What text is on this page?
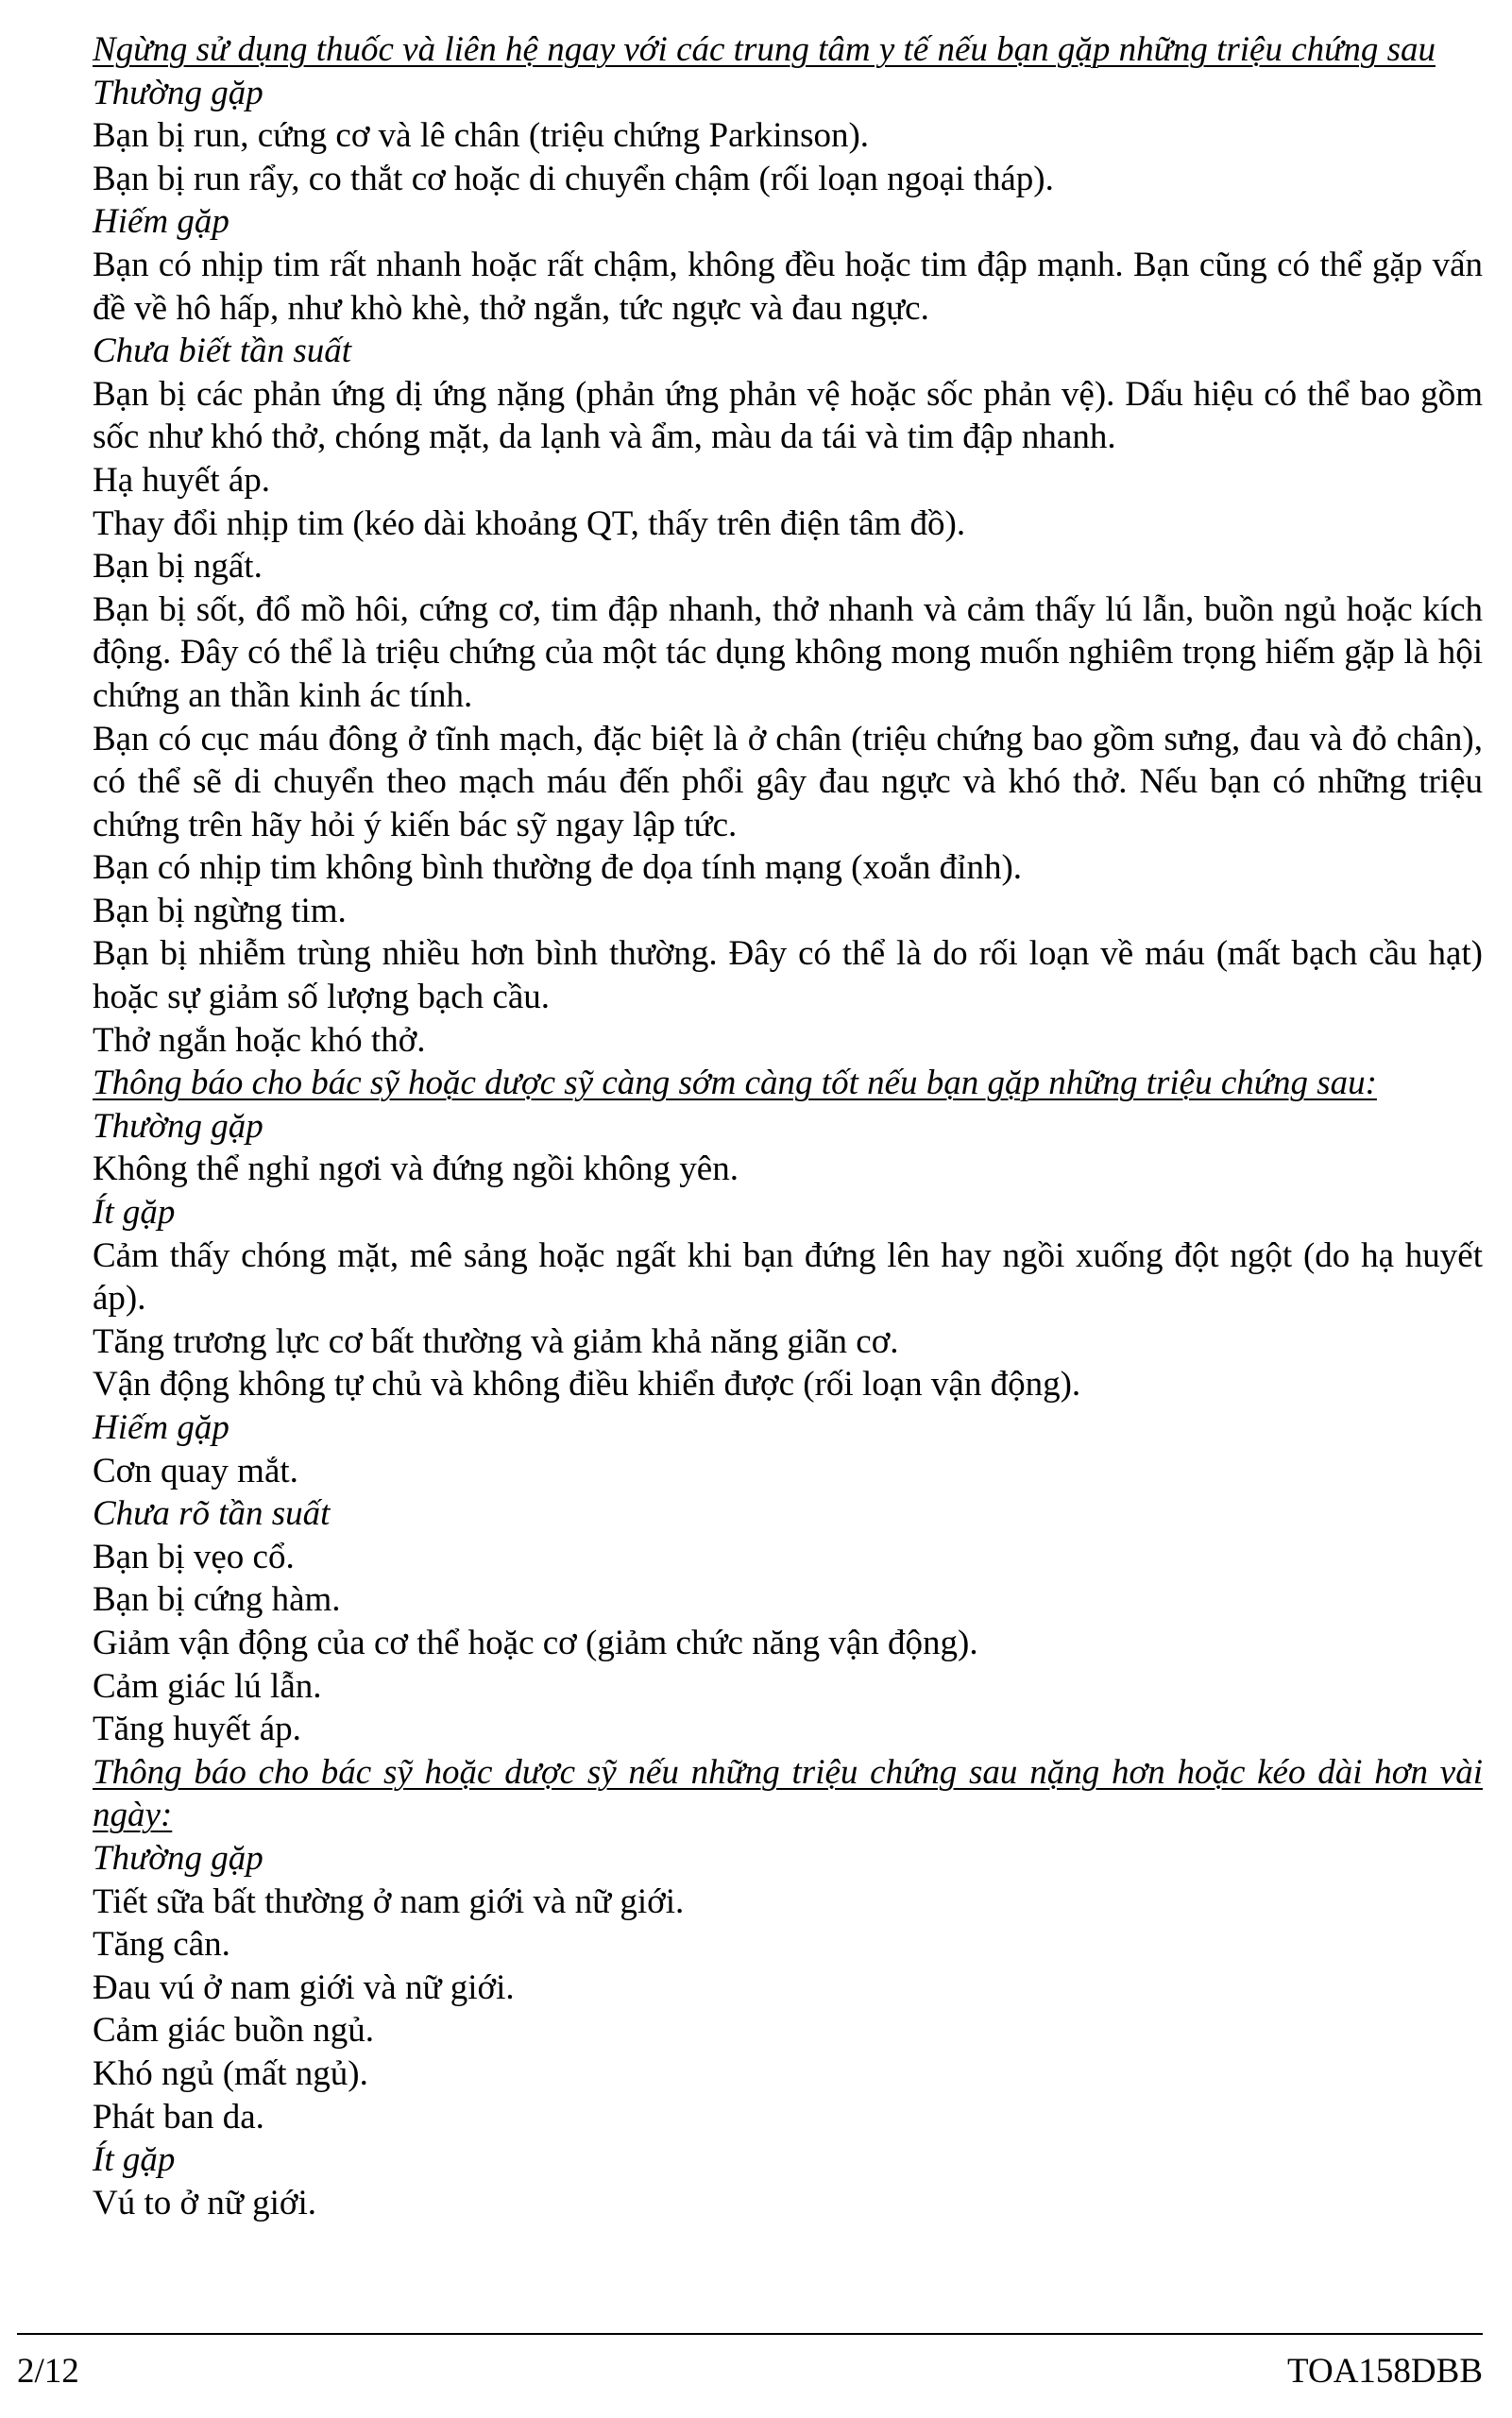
Ngừng sử dụng thuốc và liên hệ ngay với các trung tâm y tế nếu bạn gặp những triệu chứng sau

Thường gặp

Bạn bị run, cứng cơ và lê chân (triệu chứng Parkinson).

Bạn bị run rẩy, co thắt cơ hoặc di chuyển chậm (rối loạn ngoại tháp).

Hiếm gặp

Bạn có nhịp tim rất nhanh hoặc rất chậm, không đều hoặc tim đập mạnh. Bạn cũng có thể gặp vấn đề về hô hấp, như khò khè, thở ngắn, tức ngực và đau ngực.

Chưa biết tần suất

Bạn bị các phản ứng dị ứng nặng (phản ứng phản vệ hoặc sốc phản vệ). Dấu hiệu có thể bao gồm sốc như khó thở, chóng mặt, da lạnh và ẩm, màu da tái và tim đập nhanh.

Hạ huyết áp.

Thay đổi nhịp tim (kéo dài khoảng QT, thấy trên điện tâm đồ).

Bạn bị ngất.

Bạn bị sốt, đổ mồ hôi, cứng cơ, tim đập nhanh, thở nhanh và cảm thấy lú lẫn, buồn ngủ hoặc kích động. Đây có thể là triệu chứng của một tác dụng không mong muốn nghiêm trọng hiếm gặp là hội chứng an thần kinh ác tính.

Bạn có cục máu đông ở tĩnh mạch, đặc biệt là ở chân (triệu chứng bao gồm sưng, đau và đỏ chân), có thể sẽ di chuyển theo mạch máu đến phổi gây đau ngực và khó thở. Nếu bạn có những triệu chứng trên hãy hỏi ý kiến bác sỹ ngay lập tức.

Bạn có nhịp tim không bình thường đe dọa tính mạng (xoắn đỉnh).

Bạn bị ngừng tim.

Bạn bị nhiễm trùng nhiều hơn bình thường. Đây có thể là do rối loạn về máu (mất bạch cầu hạt) hoặc sự giảm số lượng bạch cầu.

Thở ngắn hoặc khó thở.

Thông báo cho bác sỹ hoặc dược sỹ càng sớm càng tốt nếu bạn gặp những triệu chứng sau:

Thường gặp

Không thể nghỉ ngơi và đứng ngồi không yên.

Ít gặp

Cảm thấy chóng mặt, mê sảng hoặc ngất khi bạn đứng lên hay ngồi xuống đột ngột (do hạ huyết áp).

Tăng trương lực cơ bất thường và giảm khả năng giãn cơ.

Vận động không tự chủ và không điều khiển được (rối loạn vận động).

Hiếm gặp

Cơn quay mắt.

Chưa rõ tần suất

Bạn bị vẹo cổ.

Bạn bị cứng hàm.

Giảm vận động của cơ thể hoặc cơ (giảm chức năng vận động).

Cảm giác lú lẫn.

Tăng huyết áp.

Thông báo cho bác sỹ hoặc dược sỹ nếu những triệu chứng sau nặng hơn hoặc kéo dài hơn vài ngày:

Thường gặp

Tiết sữa bất thường ở nam giới và nữ giới.

Tăng cân.

Đau vú ở nam giới và nữ giới.

Cảm giác buồn ngủ.

Khó ngủ (mất ngủ).

Phát ban da.

Ít gặp

Vú to ở nữ giới.

2/12	TOA158DBB
